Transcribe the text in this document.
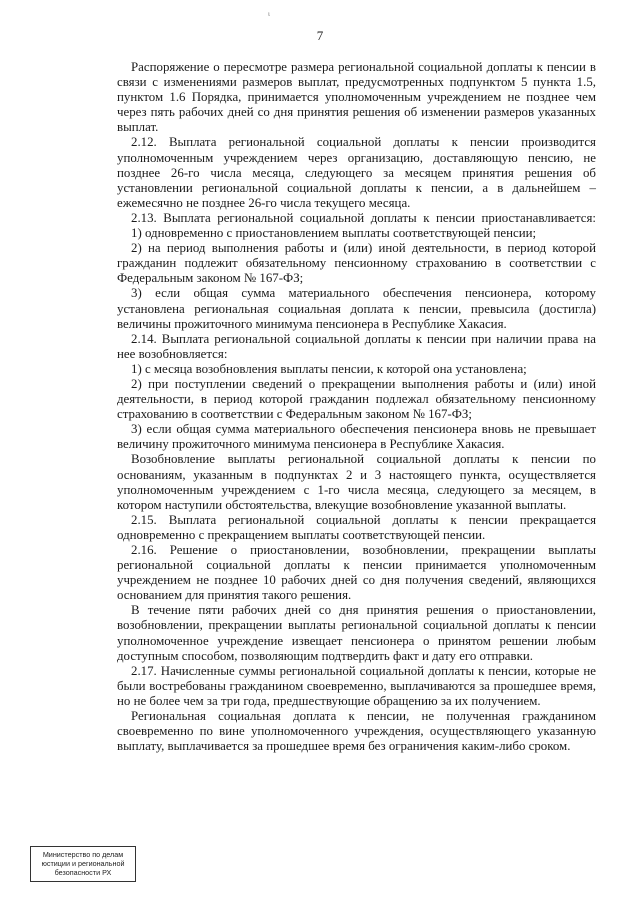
ι
7

Распоряжение о пересмотре размера региональной социальной доплаты к пенсии в связи с изменениями размеров выплат, предусмотренных подпунктом 5 пункта 1.5, пунктом 1.6 Порядка, принимается уполномоченным учреждением не позднее чем через пять рабочих дней со дня принятия решения об изменении размеров указанных выплат.

2.12. Выплата региональной социальной доплаты к пенсии производится уполномоченным учреждением через организацию, доставляющую пенсию, не позднее 26-го числа месяца, следующего за месяцем принятия решения об установлении региональной социальной доплаты к пенсии, а в дальнейшем – ежемесячно не позднее 26-го числа текущего месяца.

2.13. Выплата региональной социальной доплаты к пенсии приостанавливается:

1) одновременно с приостановлением выплаты соответствующей пенсии;

2) на период выполнения работы и (или) иной деятельности, в период которой гражданин подлежит обязательному пенсионному страхованию в соответствии с Федеральным законом № 167-ФЗ;

3) если общая сумма материального обеспечения пенсионера, которому установлена региональная социальная доплата к пенсии, превысила (достигла) величины прожиточного минимума пенсионера в Республике Хакасия.

2.14. Выплата региональной социальной доплаты к пенсии при наличии права на нее возобновляется:

1) с месяца возобновления выплаты пенсии, к которой она установлена;

2) при поступлении сведений о прекращении выполнения работы и (или) иной деятельности, в период которой гражданин подлежал обязательному пенсионному страхованию в соответствии с Федеральным законом № 167-ФЗ;

3) если общая сумма материального обеспечения пенсионера вновь не превышает величину прожиточного минимума пенсионера в Республике Хакасия.

Возобновление выплаты региональной социальной доплаты к пенсии по основаниям, указанным в подпунктах 2 и 3 настоящего пункта, осуществляется уполномоченным учреждением с 1-го числа месяца, следующего за месяцем, в котором наступили обстоятельства, влекущие возобновление указанной выплаты.

2.15. Выплата региональной социальной доплаты к пенсии прекращается одновременно с прекращением выплаты соответствующей пенсии.

2.16. Решение о приостановлении, возобновлении, прекращении выплаты региональной социальной доплаты к пенсии принимается уполномоченным учреждением не позднее 10 рабочих дней со дня получения сведений, являющихся основанием для принятия такого решения.

В течение пяти рабочих дней со дня принятия решения о приостановлении, возобновлении, прекращении выплаты региональной социальной доплаты к пенсии уполномоченное учреждение извещает пенсионера о принятом решении любым доступным способом, позволяющим подтвердить факт и дату его отправки.

2.17. Начисленные суммы региональной социальной доплаты к пенсии, которые не были востребованы гражданином своевременно, выплачиваются за прошедшее время, но не более чем за три года, предшествующие обращению за их получением.

Региональная социальная доплата к пенсии, не полученная гражданином своевременно по вине уполномоченного учреждения, осуществляющего указанную выплату, выплачивается за прошедшее время без ограничения каким-либо сроком.

Министерство по делам
юстиции и региональной
безопасности РХ
